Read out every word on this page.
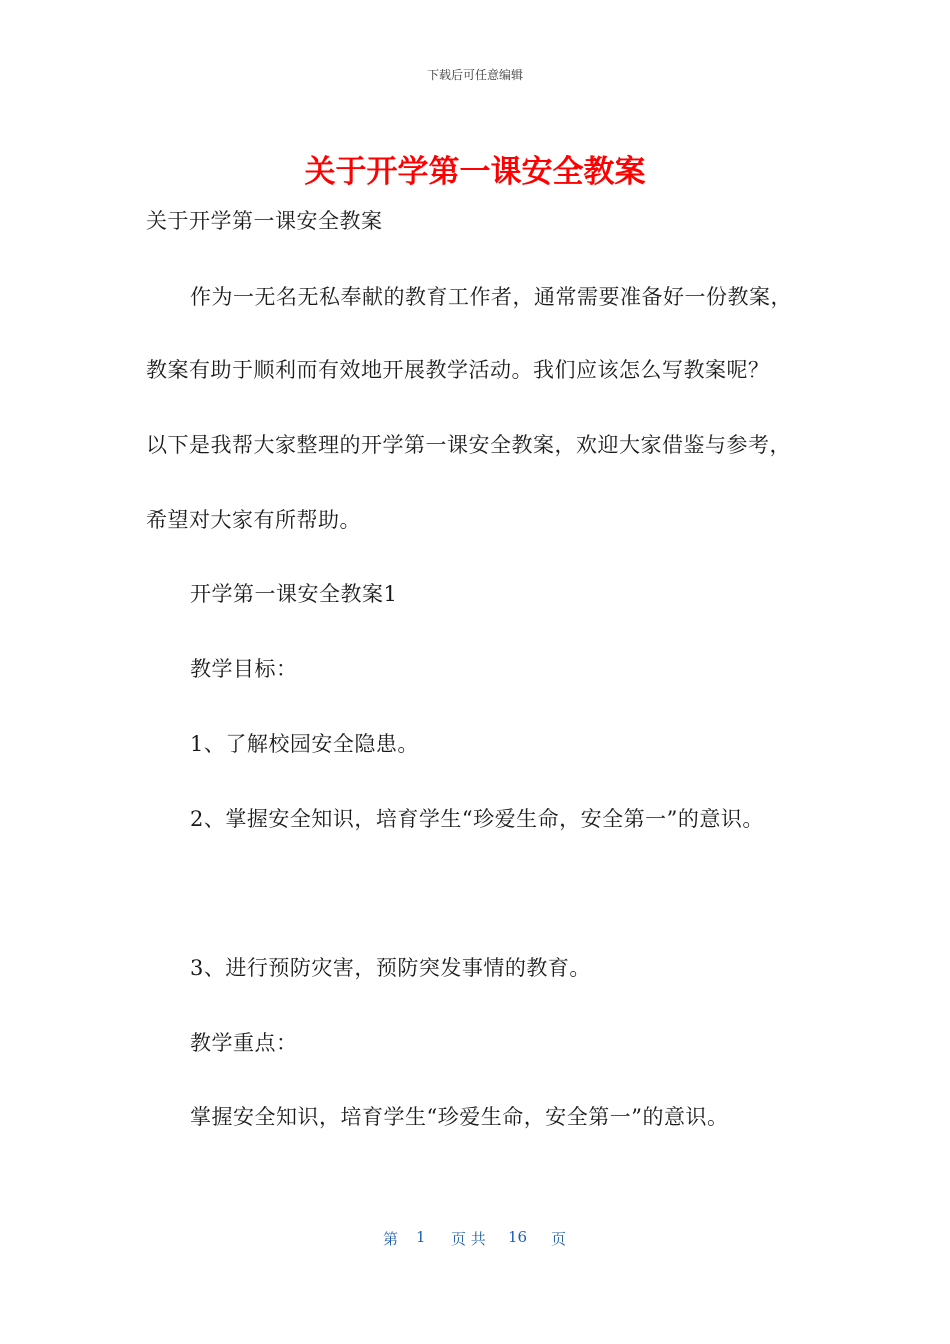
下载后可任意编辑
关于开学第一课安全教案
关于开学第一课安全教案
作为一无名无私奉献的教育工作者，通常需要准备好一份教案，
教案有助于顺利而有效地开展教学活动。我们应该怎么写教案呢？
以下是我帮大家整理的开学第一课安全教案，欢迎大家借鉴与参考，
希望对大家有所帮助。
开学第一课安全教案1
教学目标：
1、了解校园安全隐患。
2、掌握安全知识，培育学生“珍爱生命，安全第一”的意识。
3、进行预防灾害，预防突发事情的教育。
教学重点：
掌握安全知识，培育学生“珍爱生命，安全第一”的意识。
第 1 页 共 16 页
